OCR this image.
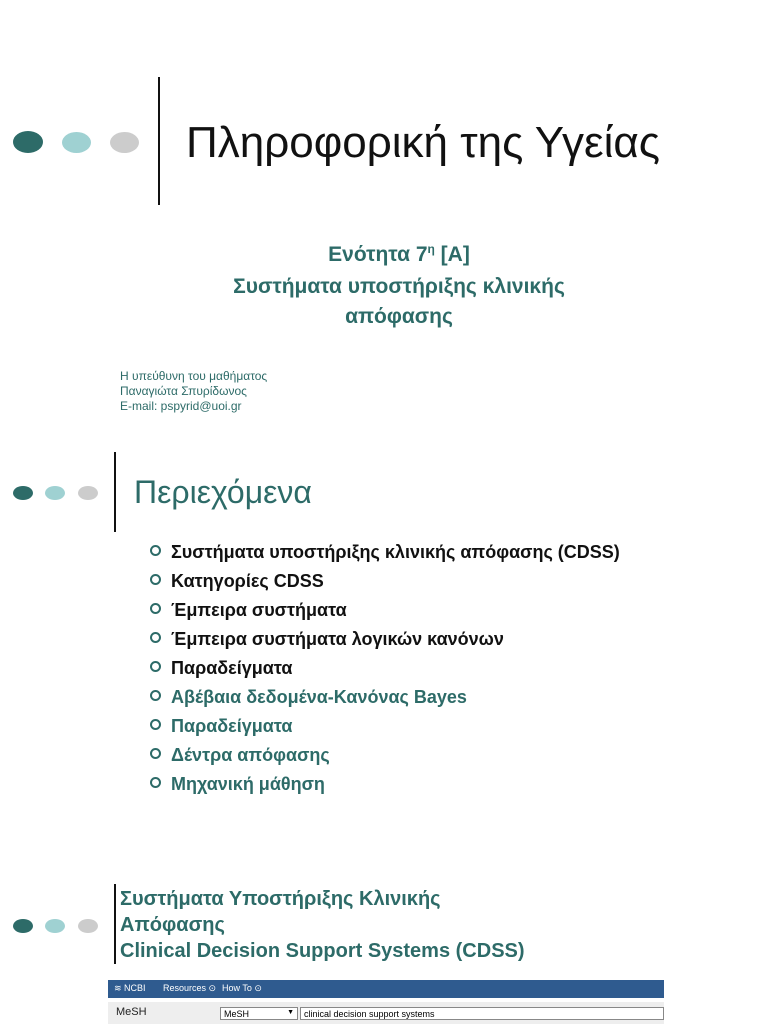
Πληροφορική της Υγείας
Ενότητα $7^\eta$ [Α]
Συστήματα υποστήριξης κλινικής
απόφασης
Η υπεύθυνη του μαθήματος
Παναγιώτα Σπυρίδωνος
E-mail: pspyrid@uoi.gr
Περιεχόμενα
Συστήματα υποστήριξης κλινικής απόφασης (CDSS)
Κατηγορίες CDSS
Έμπειρα συστήματα
Έμπειρα συστήματα λογικών κανόνων
Παραδείγματα
Αβέβαια δεδομένα-Κανόνας Bayes
Παραδείγματα
Δέντρα απόφασης
Μηχανική μάθηση
Συστήματα Υποστήριξης Κλινικής
Απόφασης
Clinical Decision Support Systems (CDSS)
≋ NCBI Resources ⊙ How To ⊙
MeSH	MeSH	▼	clinical decision support systems
